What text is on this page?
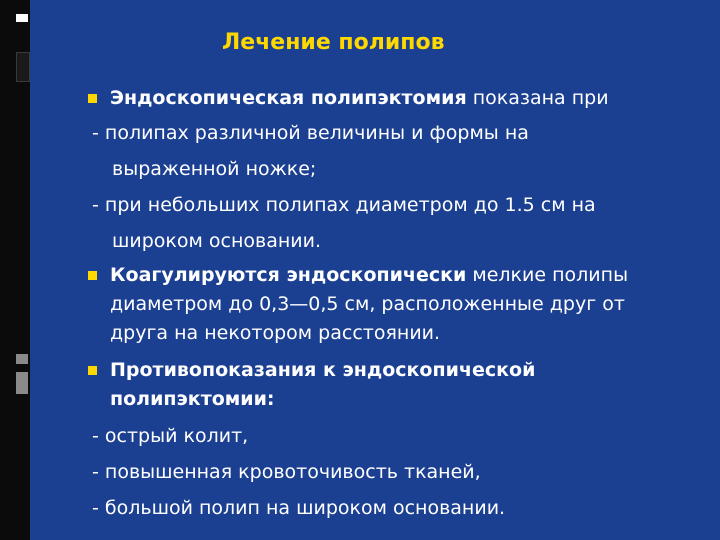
Лечение полипов
Эндоскопическая полипэктомия показана при
- полипах различной величины и формы на
выраженной ножке;
- при небольших полипах диаметром до 1.5 см на
широком основании.
Коагулируются эндоскопически мелкие полипы
диаметром до 0,3—0,5 см, расположенные друг от
друга на некотором расстоянии.
Противопоказания к эндоскопической
полипэктомии:
- острый колит,
- повышенная кровоточивость тканей,
- большой полип на широком основании.
